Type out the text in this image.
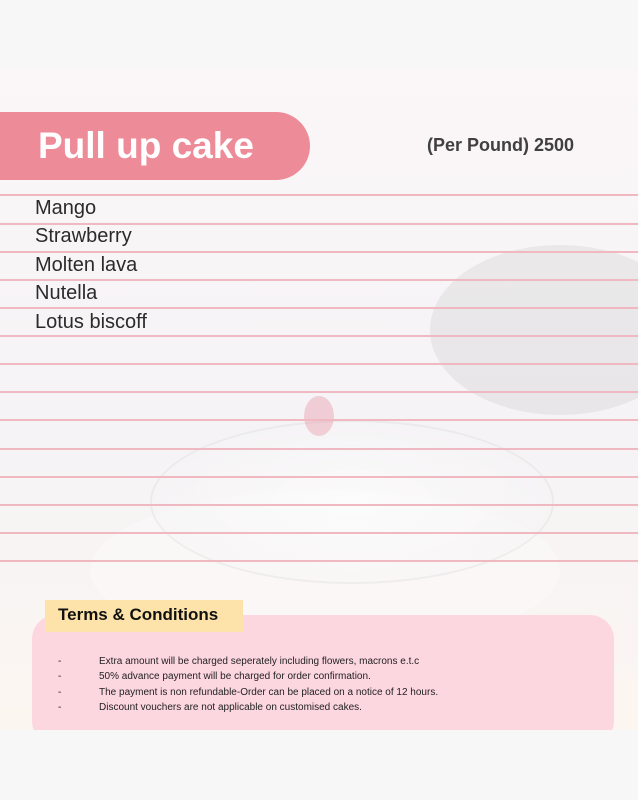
Pull up cake	(Per Pound) 2500
Mango
Strawberry
Molten lava
Nutella
Lotus biscoff
Terms & Conditions
-	Extra amount will be charged seperately including flowers, macrons e.t.c
-	50% advance payment will be charged for order confirmation.
-	The payment is non refundable-Order can be placed on a notice of 12 hours.
-	Discount vouchers are not applicable on customised cakes.
